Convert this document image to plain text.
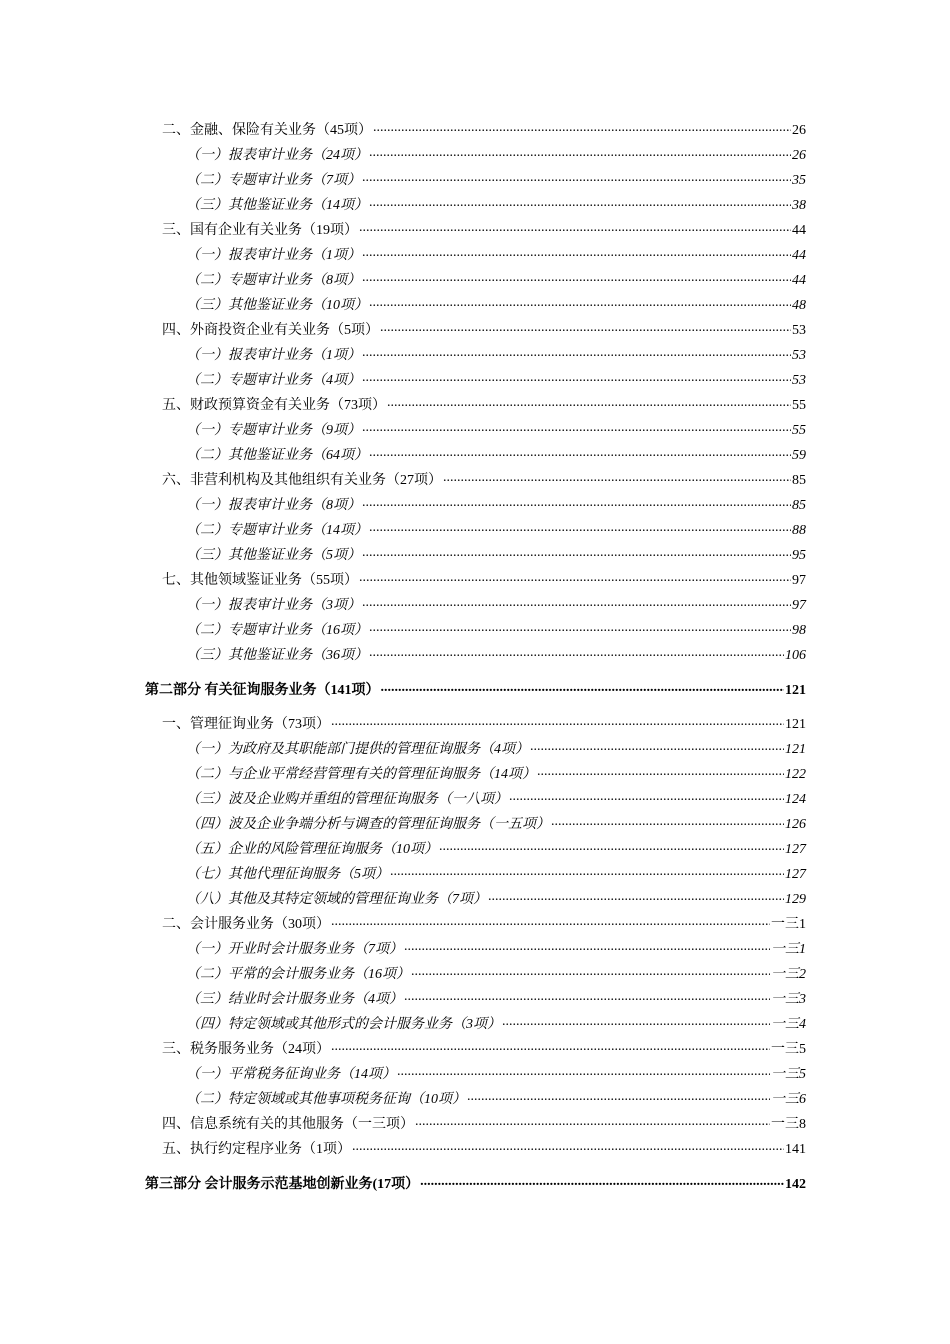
二、金融、保险有关业务（45项） .....	26
（一）报表审计业务（24项） .....	26
（二）专题审计业务（7项） .....	35
（三）其他鉴证业务（14项） .....	38
三、国有企业有关业务（19项） .....	44
（一）报表审计业务（1项） .....	44
（二）专题审计业务（8项） .....	44
（三）其他鉴证业务（10项） .....	48
四、外商投资企业有关业务（5项） .....	53
（一）报表审计业务（1项） .....	53
（二）专题审计业务（4项） .....	53
五、财政预算资金有关业务（73项） .....	55
（一）专题审计业务（9项） .....	55
（二）其他鉴证业务（64项） .....	59
六、非营利机构及其他组织有关业务（27项） .....	85
（一）报表审计业务（8项） .....	85
（二）专题审计业务（14项） .....	88
（三）其他鉴证业务（5项） .....	95
七、其他领域鉴证业务（55项） .....	97
（一）报表审计业务（3项） .....	97
（二）专题审计业务（16项） .....	98
（三）其他鉴证业务（36项） .....	106
第二部分 有关征询服务业务（141项） .....	121
一、管理征询业务（73项） .....	121
（一）为政府及其职能部门提供的管理征询服务（4项） .....	121
（二）与企业平常经营管理有关的管理征询服务（14项） .....	122
（三）波及企业购并重组的管理征询服务（一八项） .....	124
（四）波及企业争端分析与调查的管理征询服务（一五项） .....	126
（五）企业的风险管理征询服务（10项） .....	127
（七）其他代理征询服务（5项） .....	127
（八）其他及其特定领域的管理征询业务（7项） .....	129
二、会计服务业务（30项） .....	一三1
（一）开业时会计服务业务（7项） .....	一三1
（二）平常的会计服务业务（16项） .....	一三2
（三）结业时会计服务业务（4项） .....	一三3
（四）特定领域或其他形式的会计服务业务（3项） .....	一三4
三、税务服务业务（24项） .....	一三5
（一）平常税务征询业务（14项） .....	一三5
（二）特定领域或其他事项税务征询（10项） .....	一三6
四、信息系统有关的其他服务（一三项） .....	一三8
五、执行约定程序业务（1项） .....	141
第三部分 会计服务示范基地创新业务(17项） .....	142
